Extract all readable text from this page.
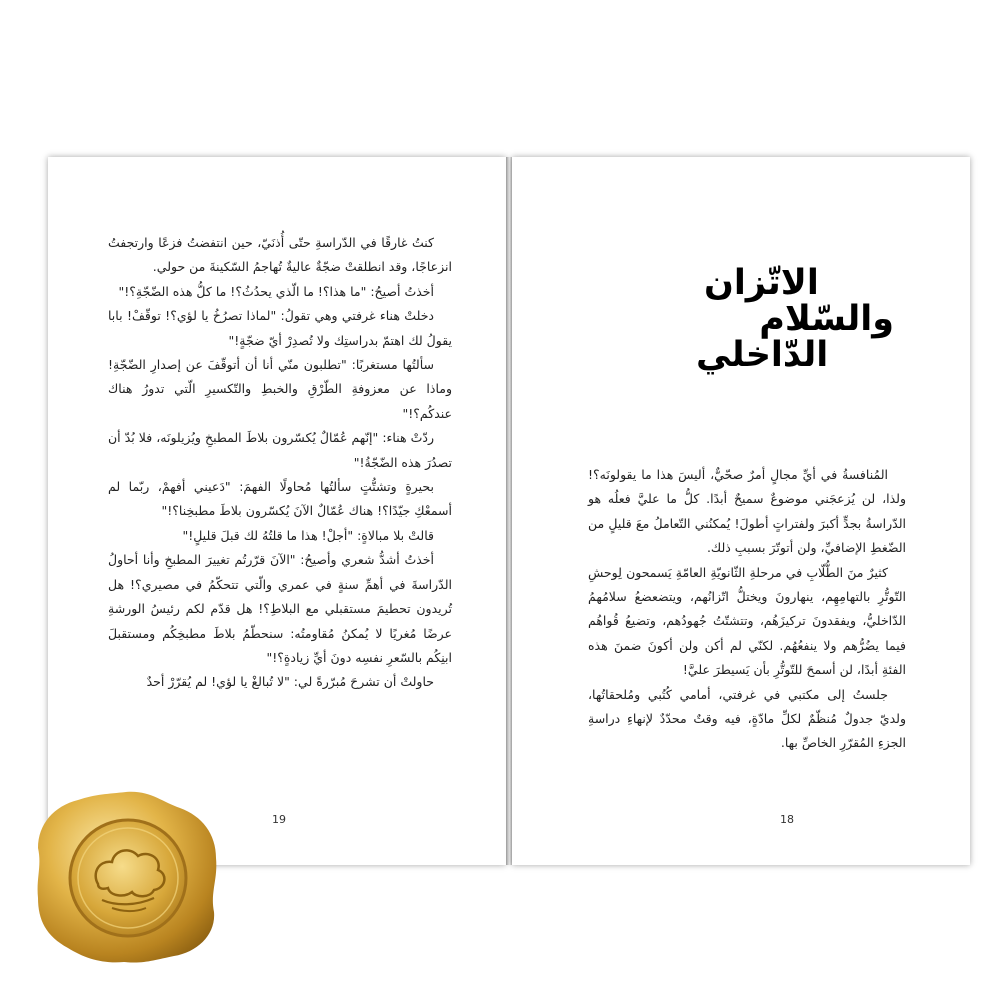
كنتُ غارقًا في الدّراسةِ حتّى أُذنَيّ، حين انتفضتُ فزعًا وارتجفتُ انزعاجًا، وقد انطلقتْ ضجّةٌ عاليةٌ تُهاجمُ السّكينةَ من حولي.

أخذتُ أصيحُ: "ما هذا؟! ما الّذي يحدُثُ؟! ما كلُّ هذه الضّجّةِ؟!"

دخلتْ هناء غرفتي وهي تقولُ: "لماذا تصرُخُ يا لؤي؟! توقّفْ! بابا يقولُ لك اهتمّ بدراستِك ولا تُصدِرْ أيّ ضجّةٍ!"

سألتُها مستغربًا: "تطلبون منّي أنا أن أتوقّفَ عن إصدارِ الضّجّةِ! وماذا عن معزوفةِ الطّرْقِ والخبطِ والتّكسيرِ الّتي تدورُ هناك عندكُم؟!"

ردّتْ هناء: "إنّهم عُمّالٌ يُكسّرون بلاطَ المطبخِ ويُزيلونَه، فلا بُدّ أن تصدُرَ هذه الضّجّةُ!"

بحيرةٍ وتشتُّتٍ سألتُها مُحاولًا الفهمَ: "دَعيني أفهمْ، ربّما لم أسمعْكِ جيّدًا؟! هناك عُمّالٌ الآنَ يُكسّرون بلاطَ مطبخِنا؟!"

قالتْ بلا مبالاةٍ: "أجلْ! هذا ما قلتُهُ لك قبلَ قليلٍ!"

أخذتُ أشدُّ شعري وأصيحُ: "الآنَ قرّرتُم تغييرَ المطبخِ وأنا أحاولُ الدّراسةَ في أهمِّ سنةٍ في عمري والّتي تتحكّمُ في مصيري؟! هل تُريدون تحطيمَ مستقبلي مع البلاطِ؟! هل قدّم لكم رئيسُ الورشةِ عرضًا مُغريًا لا يُمكنُ مُقاومتُه: سنحطّمُ بلاطَ مطبخِكُم ومستقبلَ ابنِكُم بالسّعرِ نفسِه دونَ أيِّ زيادةٍ؟!"

حاولتْ أن تشرحَ مُبرّرةً لي: "لا تُبالغْ يا لؤي! لم يُقرّرْ أحدٌ

19
الاتّزان
والسّلام
الدّاخلي

المُنافسةُ في أيِّ مجالٍ أمرٌ صحّيٌّ، أليسَ هذا ما يقولونَه؟! ولذا، لن يُزعجَني موضوعٌ سميحٌ أبدًا. كلُّ ما عليَّ فعلُه هو الدّراسةُ بجدٍّ أكبرَ ولفتراتٍ أطولَ! يُمكنُني التّعاملُ معَ قليلٍ من الضّغطِ الإضافيِّ، ولن أتوتّرَ بسببِ ذلك.

كثيرٌ منَ الطُّلّابِ في مرحلةِ الثّانويّةِ العامّةِ يَسمحون لِوحشِ التّوتُّرِ بالتهامِهِم، ينهارونَ ويختلُّ اتّزانُهم، ويتضعضعُ سلامُهمُ الدّاخليُّ، ويفقدونَ تركيزَهُم، وتتشتّتُ جُهودُهم، وتضيعُ قُواهُم فيما يضُرُّهم ولا ينفعُهُم. لكنّي لم أكن ولن أكونَ ضمنَ هذه الفئةِ أبدًا، لن أسمحَ للتّوتُّرِ بأن يَسيطرَ عليَّ!

جلستُ إلى مكتبي في غرفتي، أمامي كُتُبي ومُلحقاتُها، ولديّ جدولٌ مُنظّمٌ لكلِّ مادّةٍ، فيه وقتٌ محدّدٌ لإنهاءِ دراسةِ الجزءِ المُقرّرِ الخاصِّ بها.

18
